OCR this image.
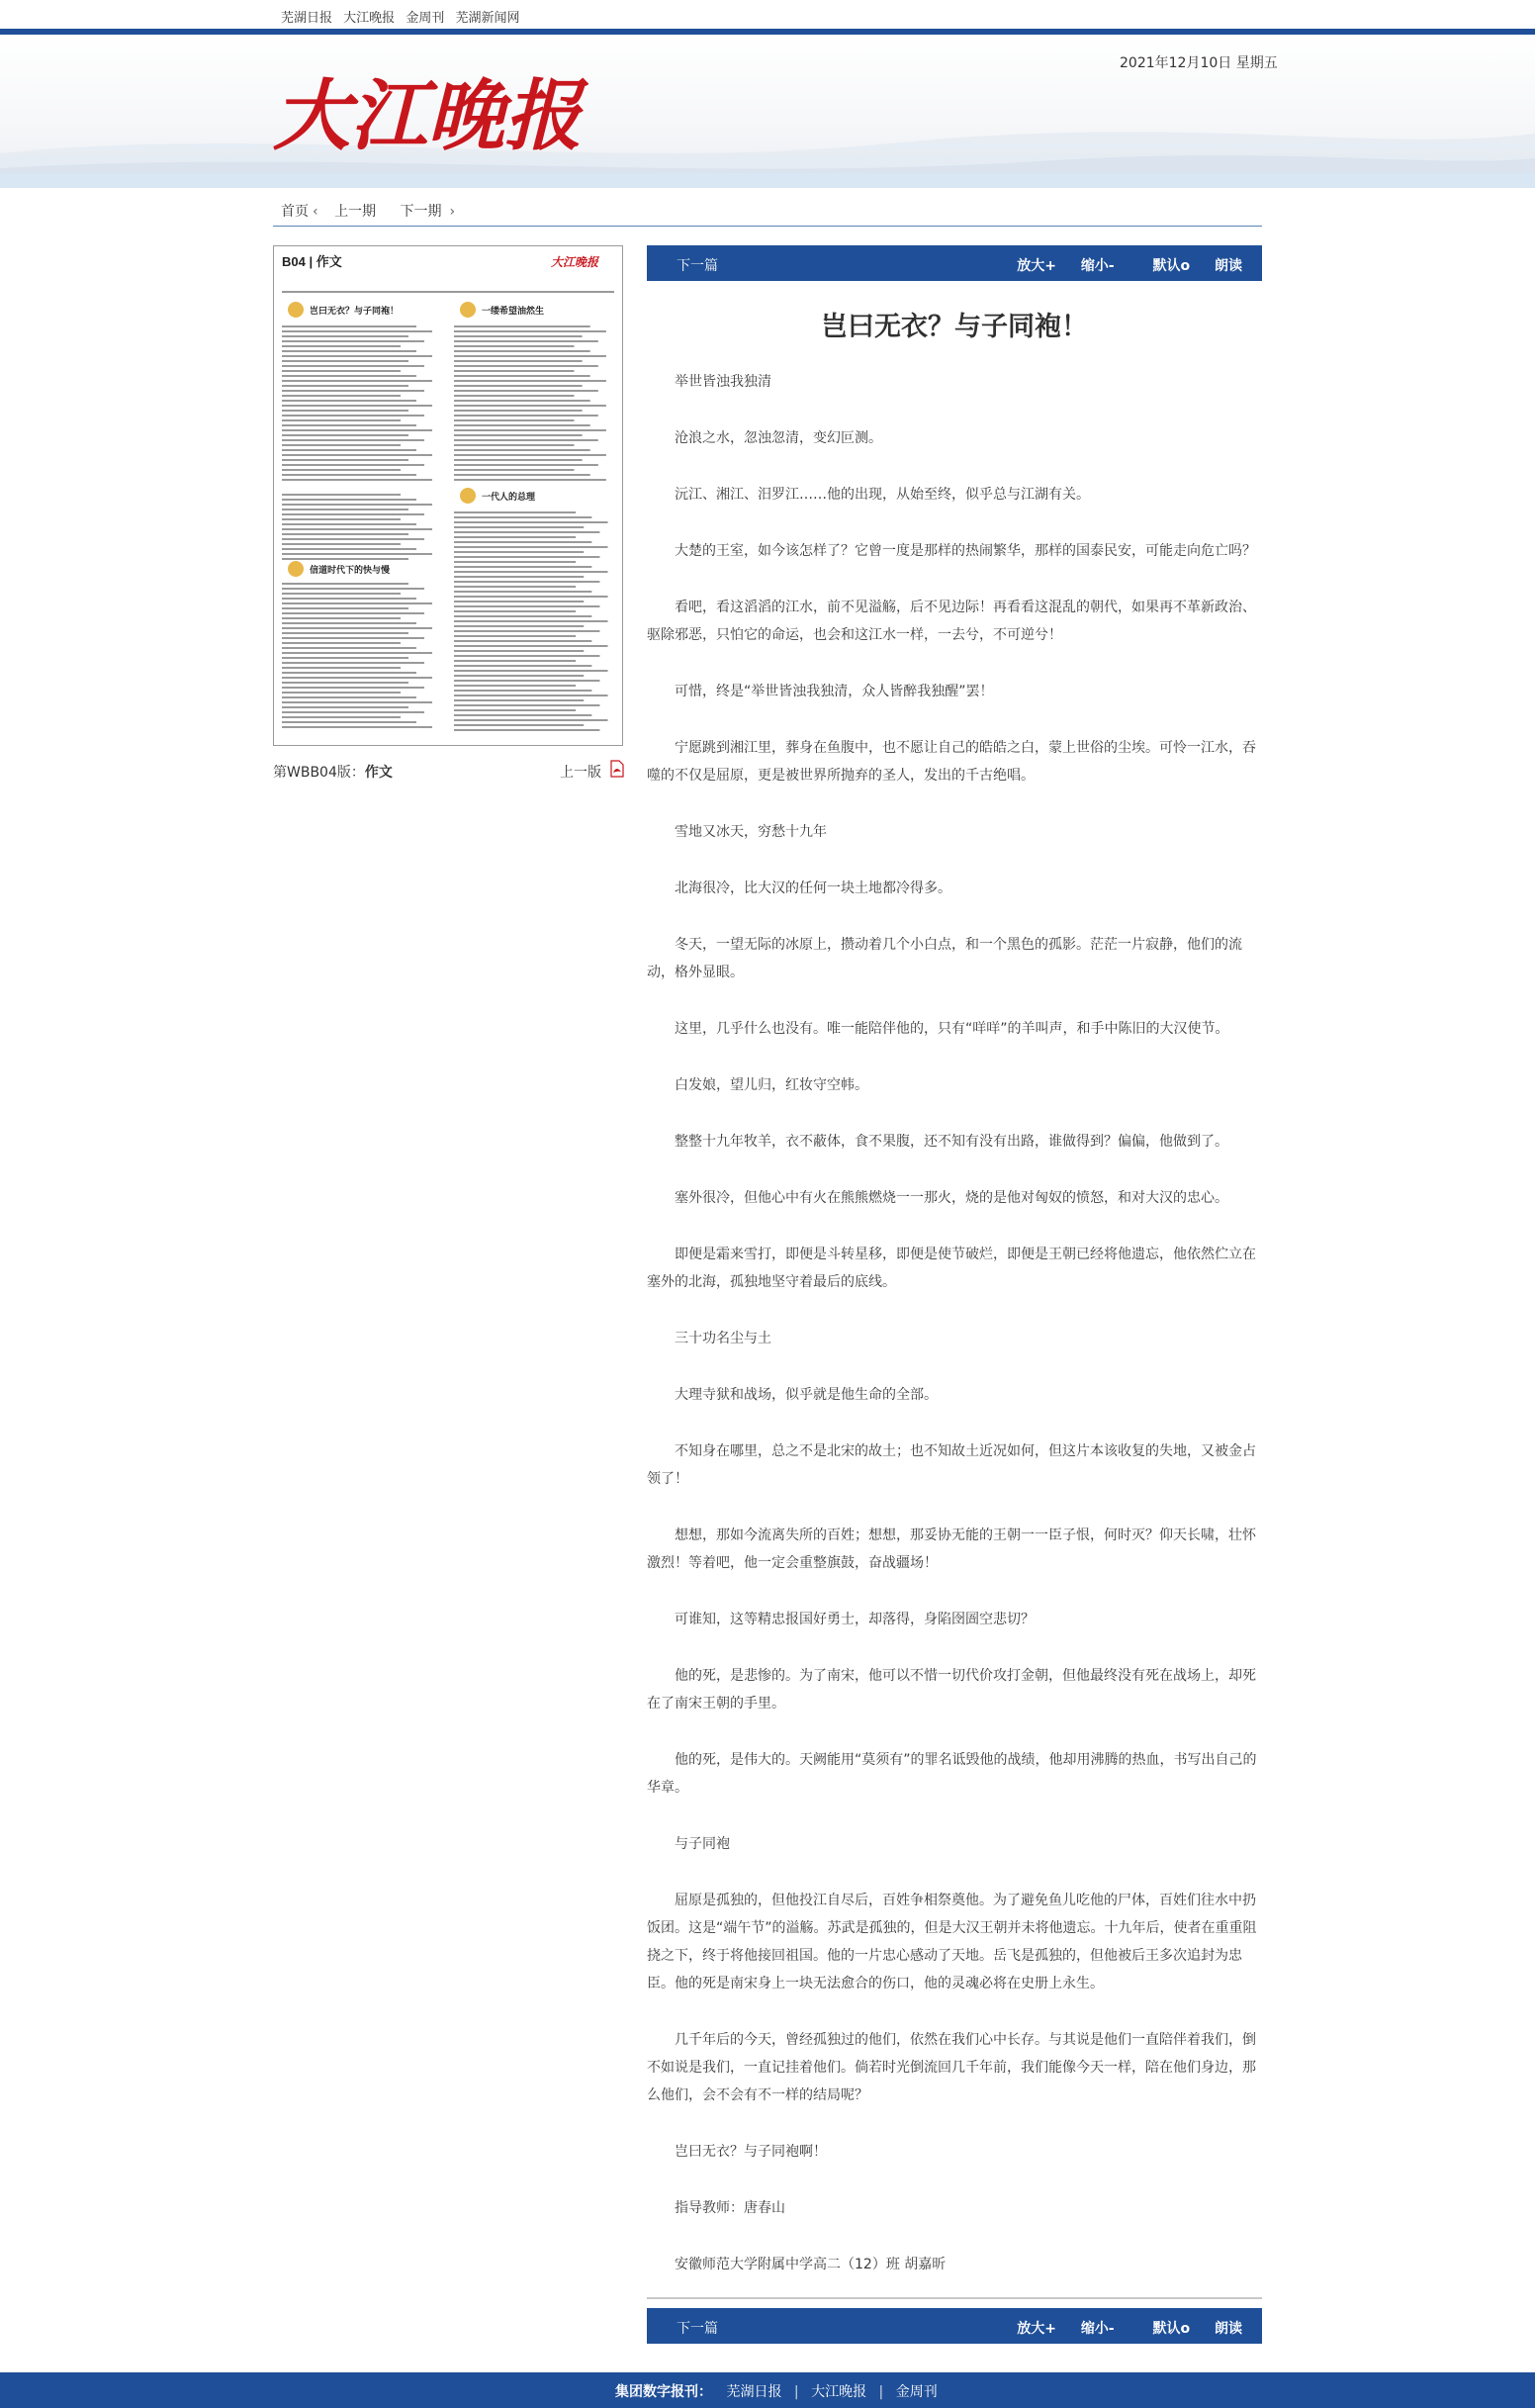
芜湖日报 大江晚报 金周刊 芜湖新闻网
大江晚报
2021年12月10日 星期五
首页 ‹ 上一期 下一期 ›
B04 | 作文	大江晚报
岂曰无衣？与子同袍！	一缕希望油然生
一代人的总理
信道时代下的快与慢
第WBB04版：作文	上一版
下一篇	放大+ 缩小-	默认o 朗读
岂曰无衣？与子同袍！

举世皆浊我独清

沧浪之水，忽浊忽清，变幻叵测。

沅江、湘江、汨罗江……他的出现，从始至终，似乎总与江湖有关。

大楚的王室，如今该怎样了？它曾一度是那样的热闹繁华，那样的国泰民安，可能走向危亡吗？

看吧，看这滔滔的江水，前不见溢觞，后不见边际！再看看这混乱的朝代，如果再不革新政治、驱除邪恶，只怕它的命运，也会和这江水一样，一去兮，不可逆兮！

可惜，终是“举世皆浊我独清，众人皆醉我独醒”罢！

宁愿跳到湘江里，葬身在鱼腹中，也不愿让自己的皓皓之白，蒙上世俗的尘埃。可怜一江水，吞噬的不仅是屈原，更是被世界所抛弃的圣人，发出的千古绝唱。

雪地又冰天，穷愁十九年

北海很冷，比大汉的任何一块土地都冷得多。

冬天，一望无际的冰原上，攒动着几个小白点，和一个黑色的孤影。茫茫一片寂静，他们的流动，格外显眼。

这里，几乎什么也没有。唯一能陪伴他的，只有“咩咩”的羊叫声，和手中陈旧的大汉使节。

白发娘，望儿归，红妆守空帏。

整整十九年牧羊，衣不蔽体，食不果腹，还不知有没有出路，谁做得到？偏偏，他做到了。

塞外很冷，但他心中有火在熊熊燃烧一一那火，烧的是他对匈奴的愤怒，和对大汉的忠心。

即便是霜来雪打，即便是斗转星移，即便是使节破烂，即便是王朝已经将他遗忘，他依然伫立在塞外的北海，孤独地坚守着最后的底线。

三十功名尘与土

大理寺狱和战场，似乎就是他生命的全部。

不知身在哪里，总之不是北宋的故土；也不知故土近况如何，但这片本该收复的失地，又被金占领了！

想想，那如今流离失所的百姓；想想，那妥协无能的王朝一一臣子恨，何时灭？仰天长啸，壮怀激烈！等着吧，他一定会重整旗鼓，奋战疆场！

可谁知，这等精忠报国好勇士，却落得，身陷囹圄空悲切？

他的死，是悲惨的。为了南宋，他可以不惜一切代价攻打金朝，但他最终没有死在战场上，却死在了南宋王朝的手里。

他的死，是伟大的。天阙能用“莫须有”的罪名诋毁他的战绩，他却用沸腾的热血，书写出自己的华章。

与子同袍

屈原是孤独的，但他投江自尽后，百姓争相祭奠他。为了避免鱼儿吃他的尸体，百姓们往水中扔饭团。这是“端午节”的溢觞。苏武是孤独的，但是大汉王朝并未将他遗忘。十九年后，使者在重重阻挠之下，终于将他接回祖国。他的一片忠心感动了天地。岳飞是孤独的，但他被后王多次追封为忠臣。他的死是南宋身上一块无法愈合的伤口，他的灵魂必将在史册上永生。

几千年后的今天，曾经孤独过的他们，依然在我们心中长存。与其说是他们一直陪伴着我们，倒不如说是我们，一直记挂着他们。倘若时光倒流回几千年前，我们能像今天一样，陪在他们身边，那么他们，会不会有不一样的结局呢？

岂曰无衣？与子同袍啊！

指导教师：唐春山

安徽师范大学附属中学高二（12）班 胡嘉昕

下一篇	放大+ 缩小-	默认o 朗读
集团数字报刊： 芜湖日报 | 大江晚报 | 金周刊
